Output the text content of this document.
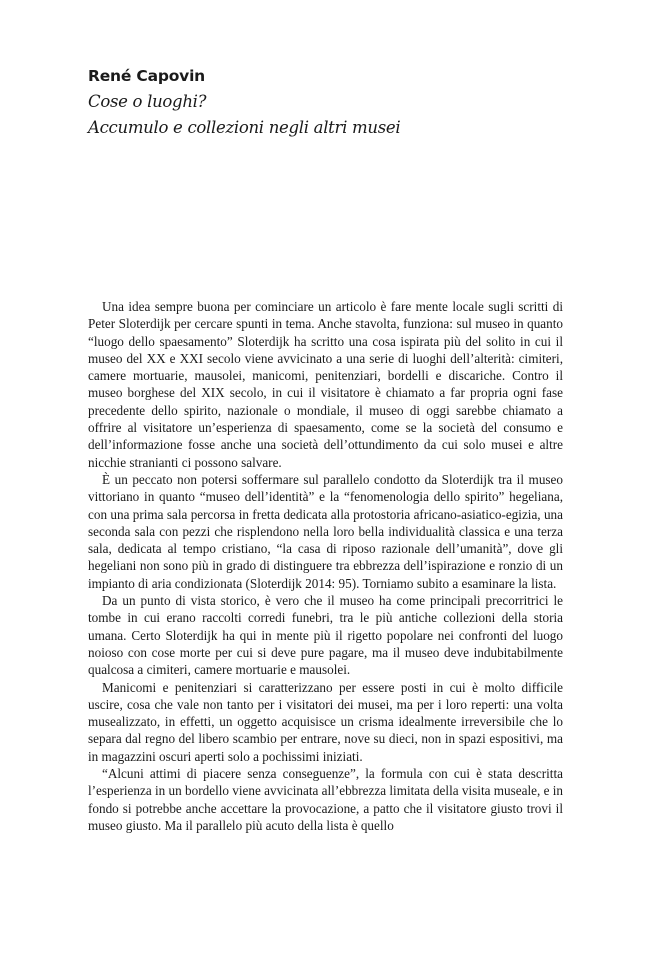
René Capovin
Cose o luoghi?
Accumulo e collezioni negli altri musei

Una idea sempre buona per cominciare un articolo è fare mente locale sugli scritti di Peter Sloterdijk per cercare spunti in tema. Anche stavolta, funziona: sul museo in quanto “luogo dello spaesamento” Sloterdijk ha scritto una cosa ispirata più del solito in cui il museo del XX e XXI secolo viene avvicinato a una serie di luoghi dell’alterità: cimiteri, camere mortuarie, mausolei, manicomi, penitenziari, bordelli e discariche. Contro il museo borghese del XIX secolo, in cui il visitatore è chiamato a far propria ogni fase precedente dello spirito, nazionale o mondiale, il museo di oggi sarebbe chiamato a offrire al visitatore un’esperienza di spaesamento, come se la società del consumo e dell’informazione fosse anche una società dell’ottundimento da cui solo musei e altre nicchie stranianti ci possono salvare.

È un peccato non potersi soffermare sul parallelo condotto da Sloterdijk tra il museo vittoriano in quanto “museo dell’identità” e la “fenomenologia dello spirito” hegeliana, con una prima sala percorsa in fretta dedicata alla protostoria africano-asiatico-egizia, una seconda sala con pezzi che risplendono nella loro bella individualità classica e una terza sala, dedicata al tempo cristiano, “la casa di riposo razionale dell’umanità”, dove gli hegeliani non sono più in grado di distinguere tra ebbrezza dell’ispirazione e ronzio di un impianto di aria condizionata (Sloterdijk 2014: 95). Torniamo subito a esaminare la lista.

Da un punto di vista storico, è vero che il museo ha come principali precorritrici le tombe in cui erano raccolti corredi funebri, tra le più antiche collezioni della storia umana. Certo Sloterdijk ha qui in mente più il rigetto popolare nei confronti del luogo noioso con cose morte per cui si deve pure pagare, ma il museo deve indubitabilmente qualcosa a cimiteri, camere mortuarie e mausolei.

Manicomi e penitenziari si caratterizzano per essere posti in cui è molto difficile uscire, cosa che vale non tanto per i visitatori dei musei, ma per i loro reperti: una volta musealizzato, in effetti, un oggetto acquisisce un crisma idealmente irreversibile che lo separa dal regno del libero scambio per entrare, nove su dieci, non in spazi espositivi, ma in magazzini oscuri aperti solo a pochissimi iniziati.

“Alcuni attimi di piacere senza conseguenze”, la formula con cui è stata descritta l’esperienza in un bordello viene avvicinata all’ebbrezza limitata della visita museale, e in fondo si potrebbe anche accettare la provocazione, a patto che il visitatore giusto trovi il museo giusto. Ma il parallelo più acuto della lista è quello
